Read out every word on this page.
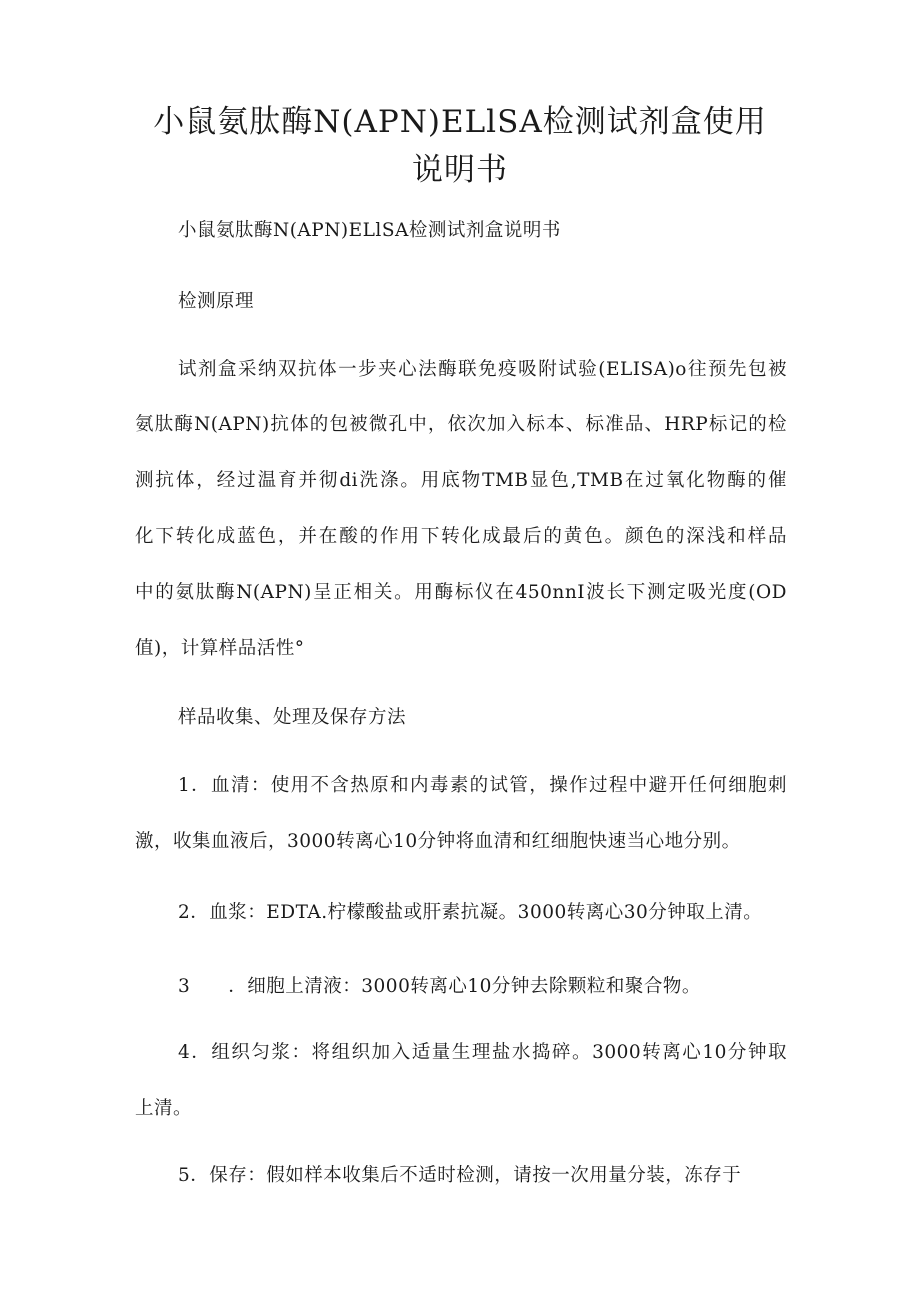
小鼠氨肽酶N(APN)ELlSA检测试剂盒使用
说明书

小鼠氨肽酶N(APN)ELlSA检测试剂盒说明书

检测原理

试剂盒采纳双抗体一步夹心法酶联免疫吸附试验(ELISA)o往预先包被

氨肽酶N(APN)抗体的包被微孔中，依次加入标本、标准品、HRP标记的检

测抗体，经过温育并彻di洗涤。用底物TMB显色,TMB在过氧化物酶的催

化下转化成蓝色，并在酸的作用下转化成最后的黄色。颜色的深浅和样品

中的氨肽酶N(APN)呈正相关。用酶标仪在450nnI波长下测定吸光度(OD

值)，计算样品活性°

样品收集、处理及保存方法

1．血清：使用不含热原和内毒素的试管，操作过程中避开任何细胞刺

激，收集血液后，3000转离心10分钟将血清和红细胞快速当心地分别。

2．血浆：EDTA.柠檬酸盐或肝素抗凝。3000转离心30分钟取上清。

3　　．细胞上清液：3000转离心10分钟去除颗粒和聚合物。

4．组织匀浆：将组织加入适量生理盐水捣碎。3000转离心10分钟取

上清。

5．保存：假如样本收集后不适时检测，请按一次用量分装，冻存于
